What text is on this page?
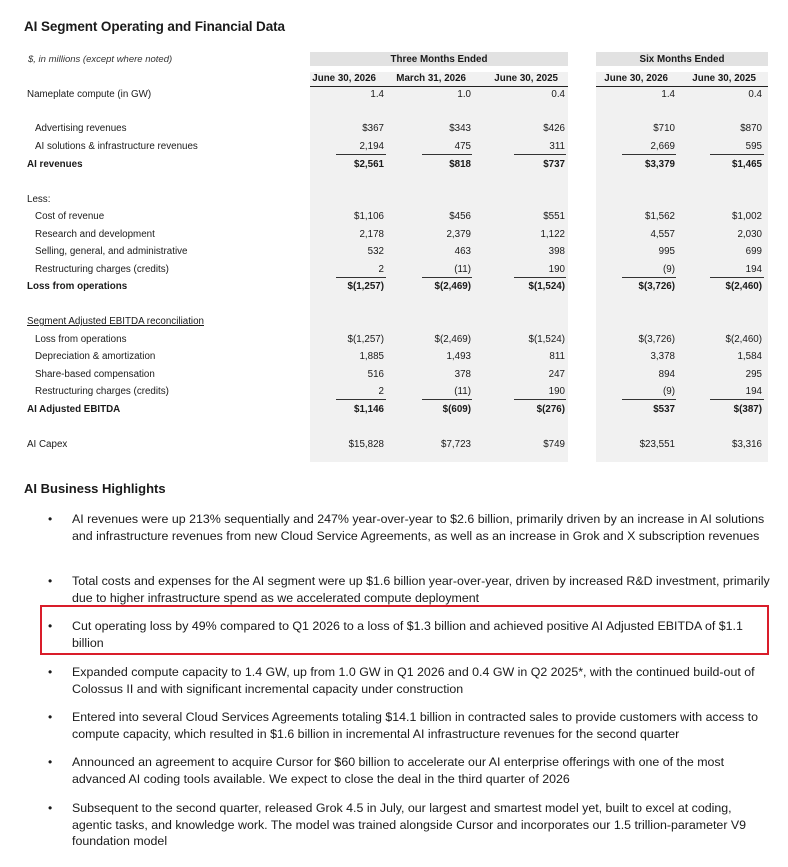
AI Segment Operating and Financial Data
$, in millions (except where noted)	Three Months Ended	Six Months Ended
June 30, 2026	March 31, 2026	June 30, 2025	June 30, 2026	June 30, 2025
Nameplate compute (in GW)	1.4	1.0	0.4	1.4	0.4
Advertising revenues	$367	$343	$426	$710	$870
AI solutions & infrastructure revenues	2,194	475	311	2,669	595
AI revenues	$2,561	$818	$737	$3,379	$1,465
Less:
Cost of revenue	$1,106	$456	$551	$1,562	$1,002
Research and development	2,178	2,379	1,122	4,557	2,030
Selling, general, and administrative	532	463	398	995	699
Restructuring charges (credits)	2	(11)	190	(9)	194
Loss from operations	$(1,257)	$(2,469)	$(1,524)	$(3,726)	$(2,460)
Segment Adjusted EBITDA reconciliation
Loss from operations	$(1,257)	$(2,469)	$(1,524)	$(3,726)	$(2,460)
Depreciation & amortization	1,885	1,493	811	3,378	1,584
Share-based compensation	516	378	247	894	295
Restructuring charges (credits)	2	(11)	190	(9)	194
AI Adjusted EBITDA	$1,146	$(609)	$(276)	$537	$(387)
AI Capex	$15,828	$7,723	$749	$23,551	$3,316
AI Business Highlights
• AI revenues were up 213% sequentially and 247% year-over-year to $2.6 billion, primarily driven by an increase in AI solutions and infrastructure revenues from new Cloud Service Agreements, as well as an increase in Grok and X subscription revenues
• Total costs and expenses for the AI segment were up $1.6 billion year-over-year, driven by increased R&D investment, primarily due to higher infrastructure spend as we accelerated compute deployment
• Cut operating loss by 49% compared to Q1 2026 to a loss of $1.3 billion and achieved positive AI Adjusted EBITDA of $1.1 billion
• Expanded compute capacity to 1.4 GW, up from 1.0 GW in Q1 2026 and 0.4 GW in Q2 2025*, with the continued build-out of Colossus II and with significant incremental capacity under construction
• Entered into several Cloud Services Agreements totaling $14.1 billion in contracted sales to provide customers with access to compute capacity, which resulted in $1.6 billion in incremental AI infrastructure revenues for the second quarter
• Announced an agreement to acquire Cursor for $60 billion to accelerate our AI enterprise offerings with one of the most advanced AI coding tools available. We expect to close the deal in the third quarter of 2026
• Subsequent to the second quarter, released Grok 4.5 in July, our largest and smartest model yet, built to excel at coding, agentic tasks, and knowledge work. The model was trained alongside Cursor and incorporates our 1.5 trillion-parameter V9 foundation model
